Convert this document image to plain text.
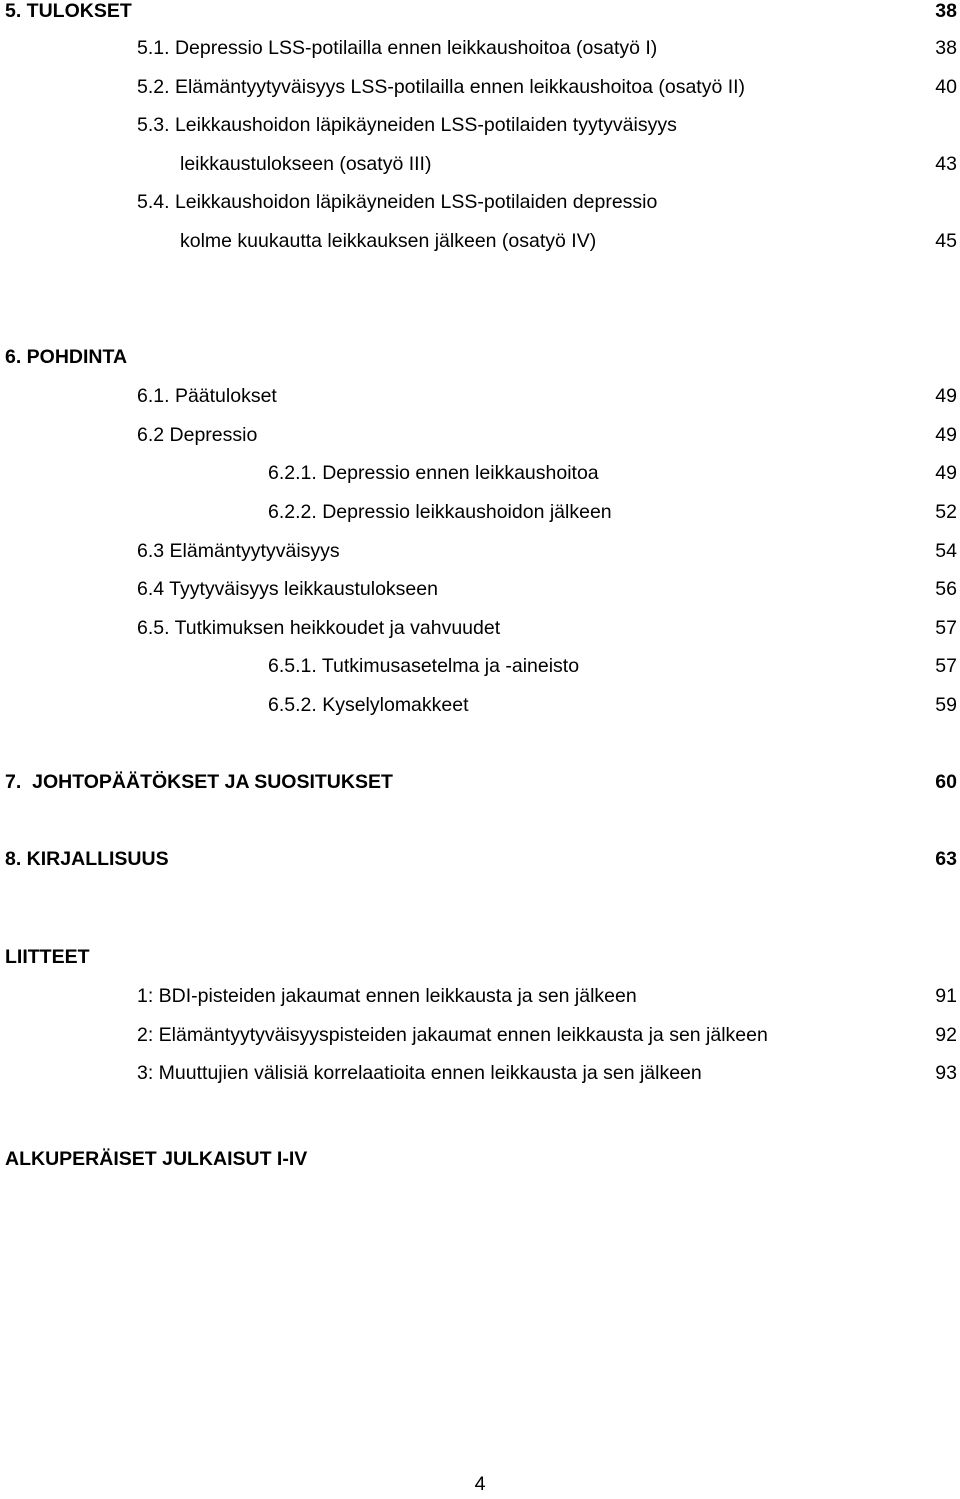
5. TULOKSET	38
5.1. Depressio LSS-potilailla ennen leikkaushoitoa (osatyö I)	38
5.2. Elämäntyytyväisyys LSS-potilailla ennen leikkaushoitoa (osatyö II)	40
5.3. Leikkaushoidon läpikäyneiden LSS-potilaiden tyytyväisyys
leikkaustulokseen (osatyö III)	43
5.4. Leikkaushoidon läpikäyneiden LSS-potilaiden depressio
kolme kuukautta leikkauksen jälkeen (osatyö IV)	45
6. POHDINTA
6.1. Päätulokset	49
6.2 Depressio	49
6.2.1. Depressio ennen leikkaushoitoa	49
6.2.2. Depressio leikkaushoidon jälkeen	52
6.3 Elämäntyytyväisyys	54
6.4 Tyytyväisyys leikkaustulokseen	56
6.5. Tutkimuksen heikkoudet ja vahvuudet	57
6.5.1. Tutkimusasetelma ja -aineisto	57
6.5.2. Kyselylomakkeet	59
7.  JOHTOPÄÄTÖKSET JA SUOSITUKSET	60
8. KIRJALLISUUS	63
LIITTEET
1: BDI-pisteiden jakaumat ennen leikkausta ja sen jälkeen	91
2: Elämäntyytyväisyyspisteiden jakaumat ennen leikkausta ja sen jälkeen	92
3: Muuttujien välisiä korrelaatioita ennen leikkausta ja sen jälkeen	93
ALKUPERÄISET JULKAISUT I-IV
4
